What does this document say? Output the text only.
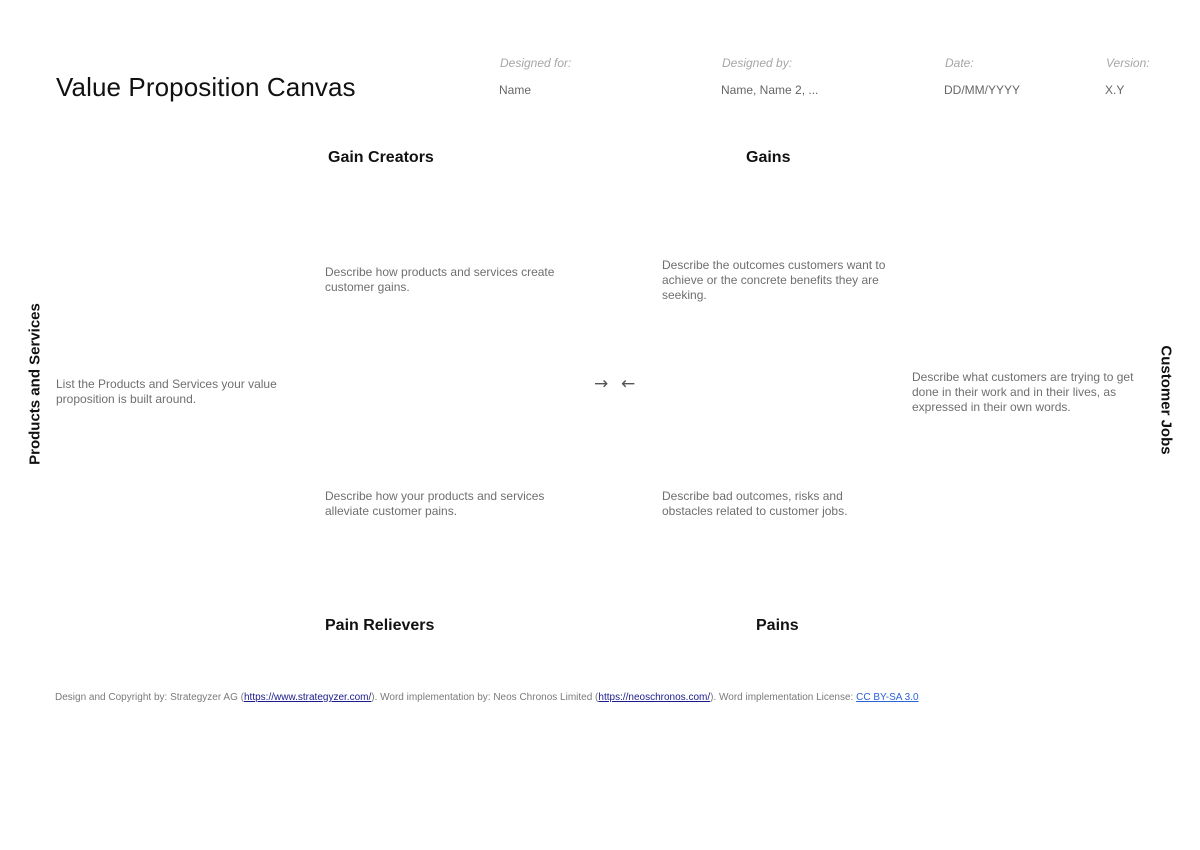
Value Proposition Canvas
Designed for:
Name
Designed by:
Name, Name 2, ...
Date:
DD/MM/YYYY
Version:
X.Y
Gain Creators	Gains
Pain Relievers	Pains
Products and Services	Customer Jobs
Describe how products and services create customer gains.
Describe the outcomes customers want to achieve or the concrete benefits they are seeking.
List the Products and Services your value proposition is built around.
Describe what customers are trying to get done in their work and in their lives, as expressed in their own words.
Describe how your products and services alleviate customer pains.
Describe bad outcomes, risks and obstacles related to customer jobs.
→ ←
Design and Copyright by: Strategyzer AG (https://www.strategyzer.com/). Word implementation by: Neos Chronos Limited (https://neoschronos.com/). Word implementation License: CC BY-SA 3.0
